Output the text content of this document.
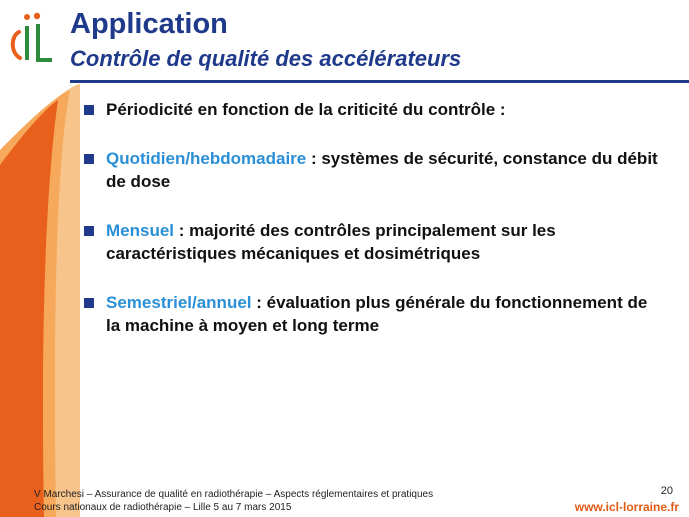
Application
Contrôle de qualité des accélérateurs
Périodicité en fonction de la criticité du contrôle :
Quotidien/hebdomadaire : systèmes de sécurité, constance du débit de dose
Mensuel : majorité des contrôles principalement sur les caractéristiques mécaniques et dosimétriques
Semestriel/annuel : évaluation plus générale du fonctionnement de la machine à moyen et long terme
V Marchesi – Assurance de qualité en radiothérapie – Aspects réglementaires et pratiques
Cours nationaux de radiothérapie – Lille 5 au 7 mars 2015
20
www.icl-lorraine.fr
